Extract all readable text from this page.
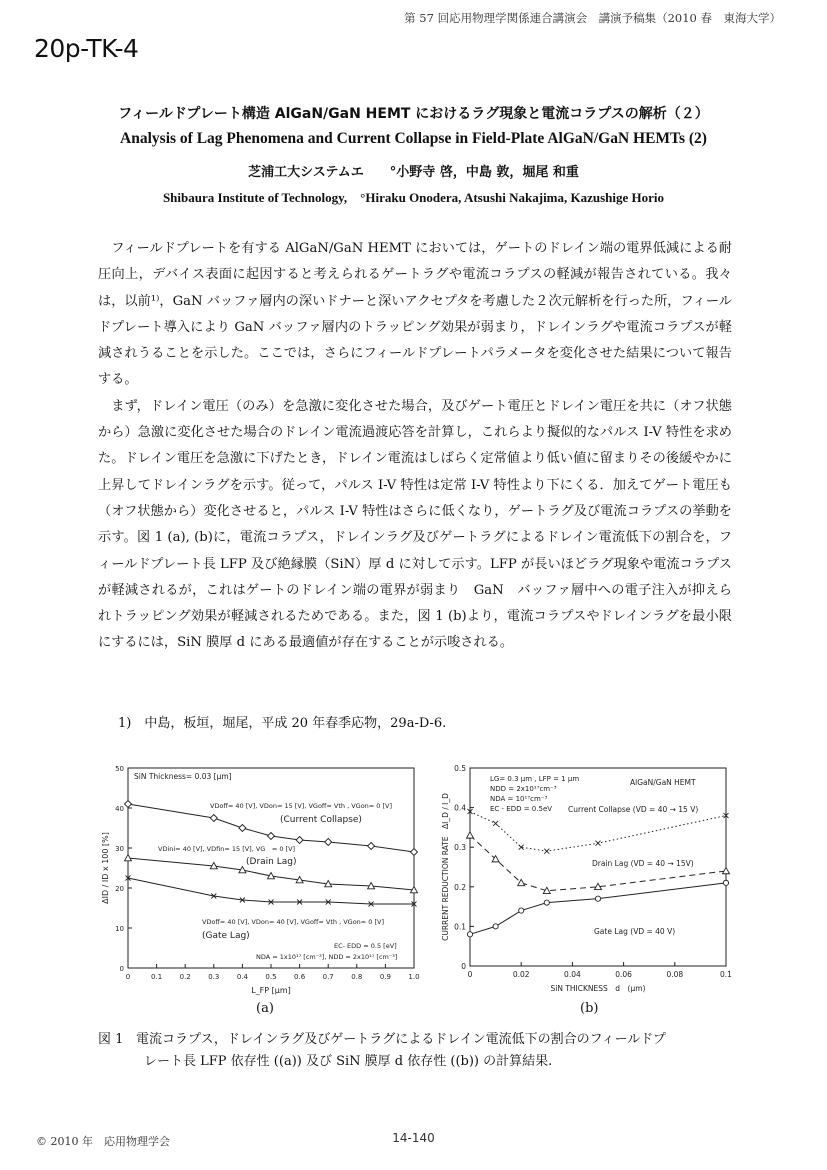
第 57 回応用物理学関係連合講演会　講演予稿集（2010 春　東海大学）
20p-TK-4
フィールドプレート構造 AlGaN/GaN HEMT におけるラグ現象と電流コラプスの解析（２）
Analysis of Lag Phenomena and Current Collapse in Field-Plate AlGaN/GaN HEMTs (2)
芝浦工大システムエ　　°小野寺 啓，中島 敦，堀尾 和重
Shibaura Institute of Technology,　°Hiraku Onodera, Atsushi Nakajima, Kazushige Horio

フィールドプレートを有する AlGaN/GaN HEMT においては，ゲートのドレイン端の電界低減による耐圧向上，デバイス表面に起因すると考えられるゲートラグや電流コラプスの軽減が報告されている。我々は，以前¹⁾，GaN バッファ層内の深いドナーと深いアクセプタを考慮した２次元解析を行った所，フィールドプレート導入により GaN バッファ層内のトラッピング効果が弱まり，ドレインラグや電流コラプスが軽減されうることを示した。ここでは，さらにフィールドプレートパラメータを変化させた結果について報告する。

まず，ドレイン電圧（のみ）を急激に変化させた場合，及びゲート電圧とドレイン電圧を共に（オフ状態から）急激に変化させた場合のドレイン電流過渡応答を計算し，これらより擬似的なパルス I-V 特性を求めた。ドレイン電圧を急激に下げたとき，ドレイン電流はしばらく定常値より低い値に留まりその後緩やかに上昇してドレインラグを示す。従って，パルス I-V 特性は定常 I-V 特性より下にくる．加えてゲート電圧も（オフ状態から）変化させると，パルス I-V 特性はさらに低くなり，ゲートラグ及び電流コラプスの挙動を示す。図 1 (a), (b)に，電流コラプス，ドレインラグ及びゲートラグによるドレイン電流低下の割合を，フィールドプレート長 LFP 及び絶縁膜（SiN）厚 d に対して示す。LFP が長いほどラグ現象や電流コラプスが軽減されるが，これはゲートのドレイン端の電界が弱まり　GaN　バッファ層中への電子注入が抑えられトラッピング効果が軽減されるためである。また，図 1 (b)より，電流コラプスやドレインラグを最小限にするには，SiN 膜厚 d にある最適値が存在することが示唆される。

1)　中島，板垣，堀尾，平成 20 年春季応物，29a-D-6.
0	0.1 0.2 0.3 0.4 0.5 0.6 0.7 0.8 0.9 1.0
0
10
20
30
40
50
L_FP [μm]
ΔID / ID x 100 [%]
SiN Thickness= 0.03 [μm]
VDoff= 40 [V], VDon= 15 [V], VGoff= Vth , VGon= 0 [V]
(Current Collapse)
VDini= 40 [V], VDfin= 15 [V], VG　= 0 [V]
(Drain Lag)
VDoff= 40 [V], VDon= 40 [V], VGoff= Vth , VGon= 0 [V]
(Gate Lag)
EC- EDD = 0.5 [eV]
NDA = 1x10¹⁷ [cm⁻³], NDD = 2x10¹⁷ [cm⁻³]
(a)
0	0.02	0.04	0.06	0.08	0.1
0
0.1
0.2
0.3
0.4
0.5
SiN THICKNESS　d　(μm)
CURRENT REDUCTION RATE　ΔI_D / I_D
LG= 0.3 μm , LFP = 1 μm
NDD = 2x10¹⁷cm⁻³
NDA = 10¹⁷cm⁻³
EC - EDD = 0.5eV
AlGaN/GaN HEMT
Current Collapse (VD = 40 → 15 V)
Drain Lag (VD = 40 → 15V)
Gate Lag (VD = 40 V)
(b)
図 1 電流コラプス，ドレインラグ及びゲートラグによるドレイン電流低下の割合のフィールドプ
レート長 LFP 依存性 ((a)) 及び SiN 膜厚 d 依存性 ((b)) の計算結果.
© 2010 年　応用物理学会	14-140
